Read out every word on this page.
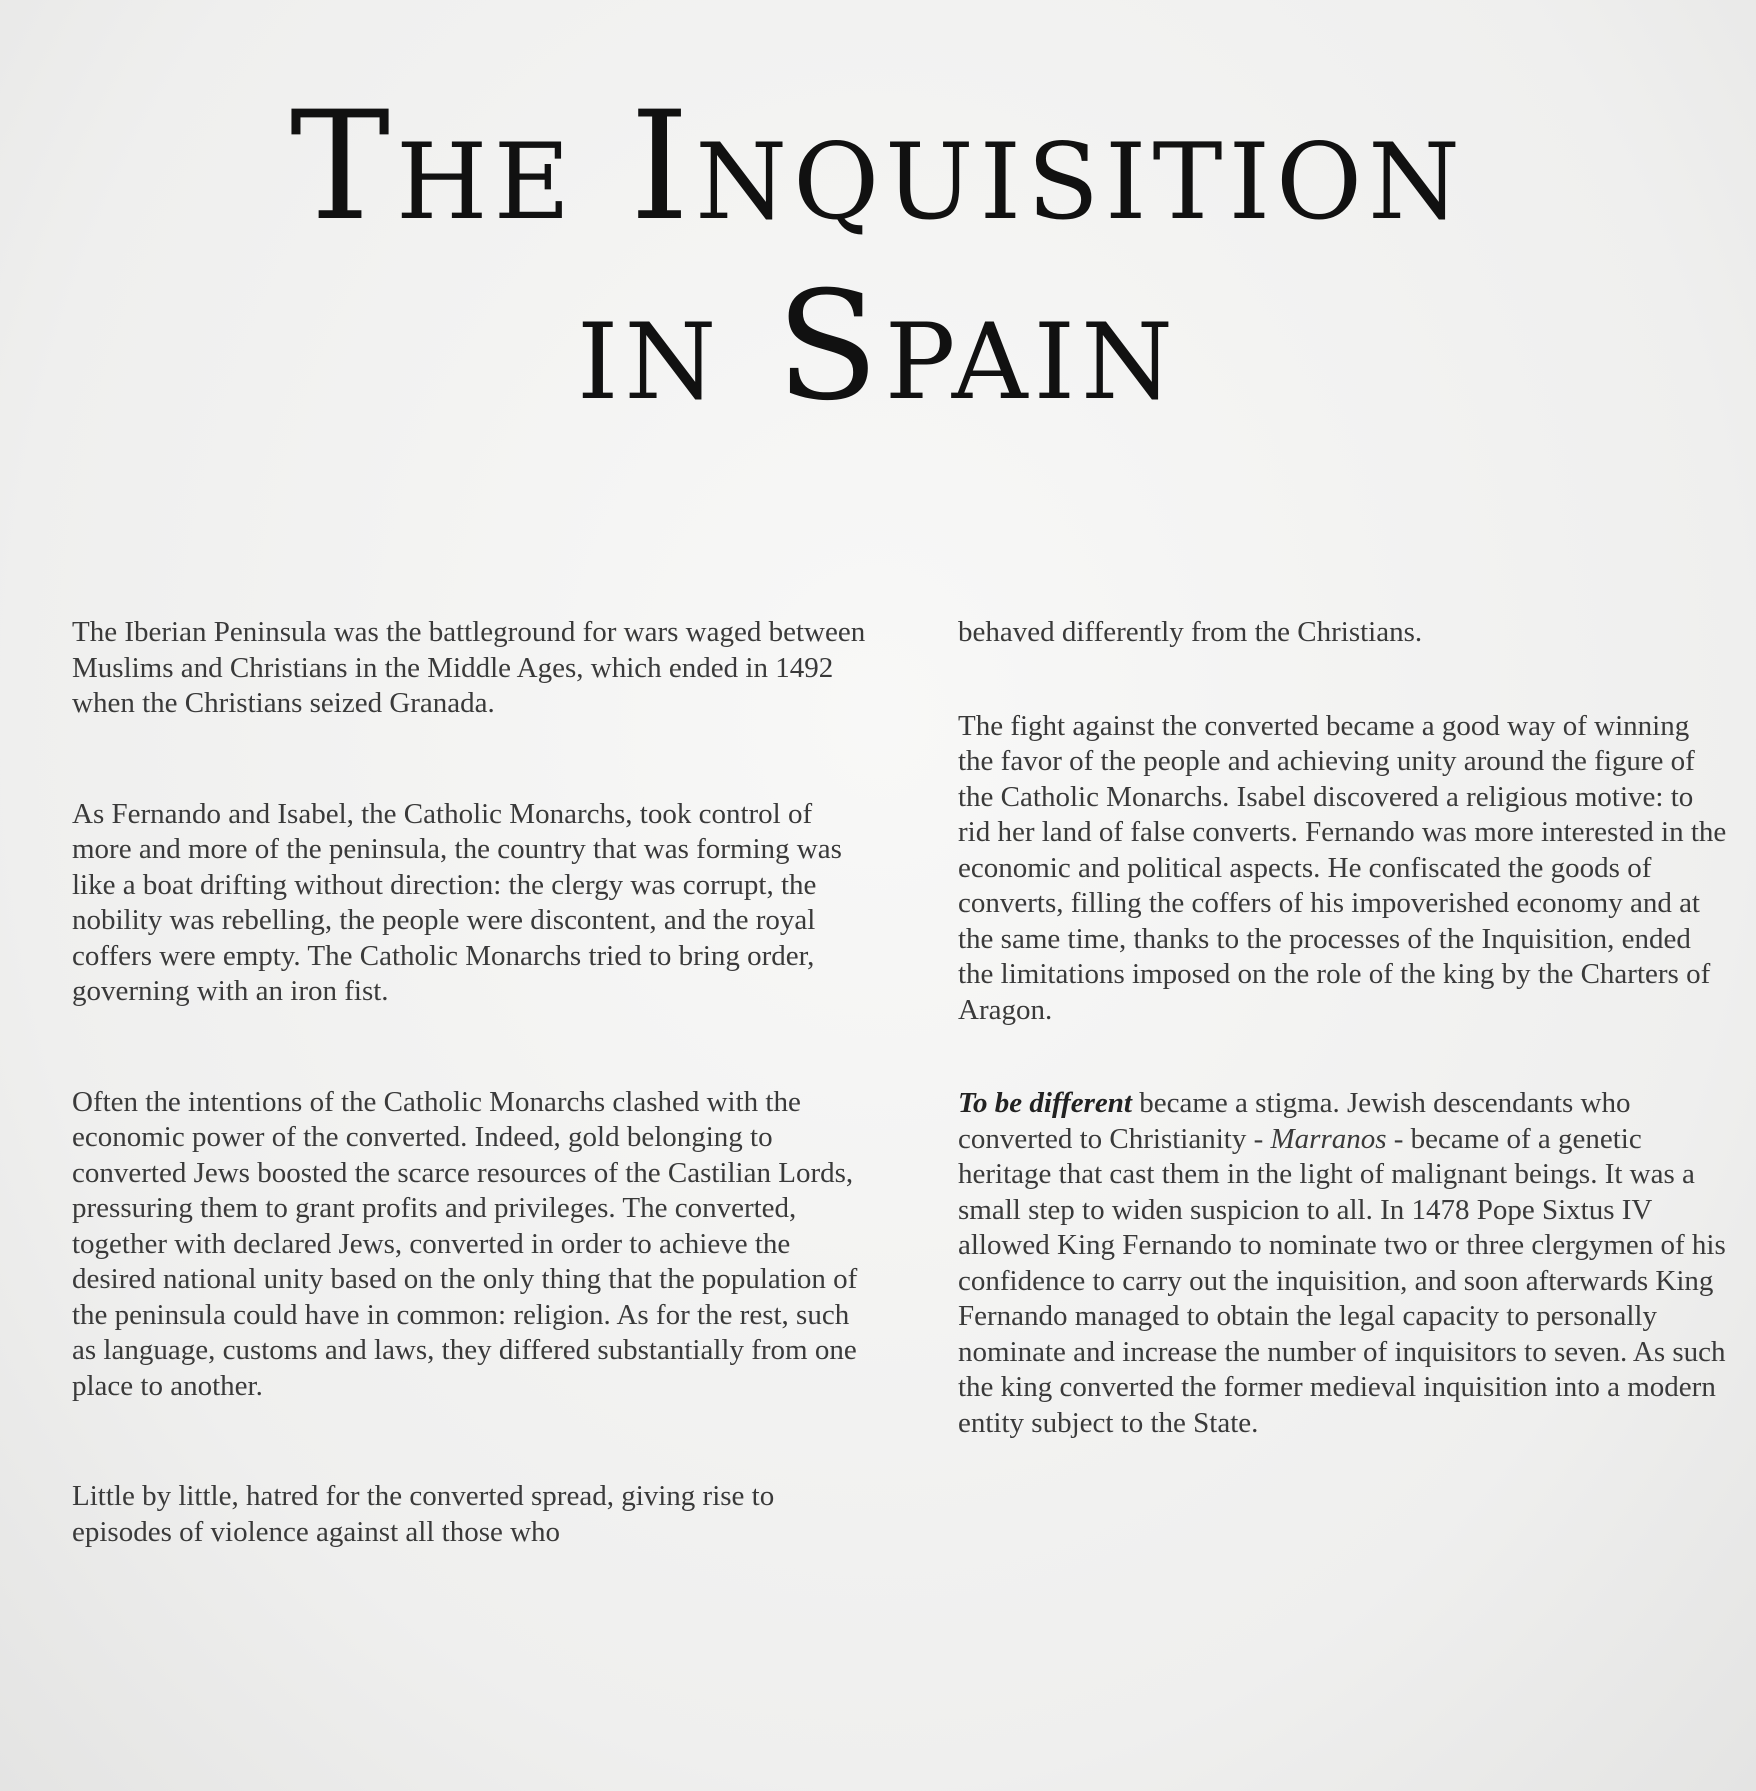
The Inquisition
in Spain

The Iberian Peninsula was the battleground for wars waged between Muslims and Christians in the Middle Ages, which ended in 1492 when the Christians seized Granada.

As Fernando and Isabel, the Catholic Monarchs, took control of more and more of the peninsula, the country that was forming was like a boat drifting without direction: the clergy was corrupt, the nobility was rebelling, the people were discontent, and the royal coffers were empty. The Catholic Monarchs tried to bring order, governing with an iron fist.

Often the intentions of the Catholic Monarchs clashed with the economic power of the converted. Indeed, gold belonging to converted Jews boosted the scarce resources of the Castilian Lords, pressuring them to grant profits and privileges. The converted, together with declared Jews, converted in order to achieve the desired national unity based on the only thing that the population of the peninsula could have in common: religion. As for the rest, such as language, customs and laws, they differed substantially from one place to another.

Little by little, hatred for the converted spread, giving rise to episodes of violence against all those who

behaved differently from the Christians.

The fight against the converted became a good way of winning the favor of the people and achieving unity around the figure of the Catholic Monarchs. Isabel discovered a religious motive: to rid her land of false converts. Fernando was more interested in the economic and political aspects. He confiscated the goods of converts, filling the coffers of his impoverished economy and at the same time, thanks to the processes of the Inquisition, ended the limitations imposed on the role of the king by the Charters of Aragon.

To be different became a stigma. Jewish descendants who converted to Christianity - Marranos - became of a genetic heritage that cast them in the light of malignant beings. It was a small step to widen suspicion to all. In 1478 Pope Sixtus IV allowed King Fernando to nominate two or three clergymen of his confidence to carry out the inquisition, and soon afterwards King Fernando managed to obtain the legal capacity to personally nominate and increase the number of inquisitors to seven. As such the king converted the former medieval inquisition into a modern entity subject to the State.
